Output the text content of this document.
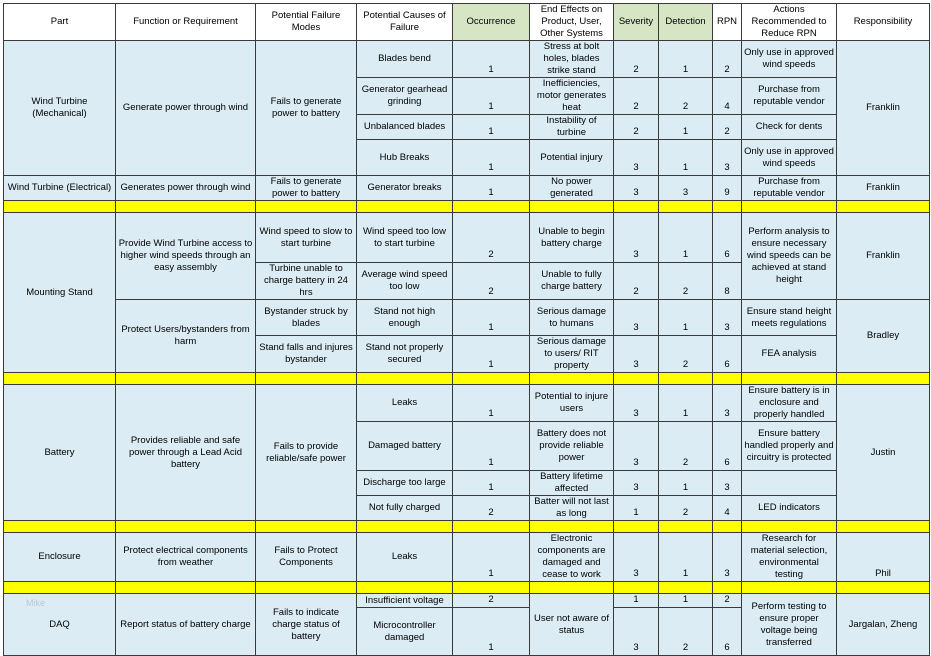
Part	Function or Requirement	Potential Failure Modes	Potential Causes of Failure	Occurrence	End Effects on Product, User, Other Systems	Severity	Detection	RPN	Actions Recommended to Reduce RPN	Responsibility
Wind Turbine (Mechanical)	Generate power through wind	Fails to generate power to battery	Blades bend	1	Stress at bolt holes, blades strike stand	2	1	2	Only use in approved wind speeds	Franklin
			Generator gearhead grinding	1	Inefficiencies, motor generates heat	2	2	4	Purchase from reputable vendor	
			Unbalanced blades	1	Instability of turbine	2	1	2	Check for dents	
			Hub Breaks	1	Potential injury	3	1	3	Only use in approved wind speeds	
Wind Turbine (Electrical)	Generates power through wind	Fails to generate power to battery	Generator breaks	1	No power generated	3	3	9	Purchase from reputable vendor	Franklin

Mounting Stand	Provide Wind Turbine access to higher wind speeds through an easy assembly	Wind speed to slow to start turbine	Wind speed too low to start turbine	2	Unable to begin battery charge	3	1	6	Perform analysis to ensure necessary wind speeds can be achieved at stand height	Franklin
		Turbine unable to charge battery in 24 hrs	Average wind speed too low	2	Unable to fully charge battery	2	2	8		
	Protect Users/bystanders from harm	Bystander struck by blades	Stand not high enough	1	Serious damage to humans	3	1	3	Ensure stand height meets regulations	Bradley
		Stand falls and injures bystander	Stand not properly secured	1	Serious damage to users/ RIT property	3	2	6	FEA analysis	

Battery	Provides reliable and safe power through a Lead Acid battery	Fails to provide reliable/safe power	Leaks	1	Potential to injure users	3	1	3	Ensure battery is in enclosure and properly handled	Justin
			Damaged battery	1	Battery does not provide reliable power	3	2	6	Ensure battery handled properly and circuitry is protected	
			Discharge too large	1	Battery lifetime affected	3	1	3		
			Not fully charged	2	Batter will not last as long	1	2	4	LED indicators	

Enclosure	Protect electrical components from weather	Fails to Protect Components	Leaks	1	Electronic components are damaged and cease to work	3	1	3	Research for material selection, environmental testing	Phil

DAQ	Report status of battery charge	Fails to indicate charge status of battery	Insufficient voltage	2	User not aware of status	1	1	2	Perform testing to ensure proper voltage being transferred	Jargalan, Zheng
			Microcontroller damaged	1		3	2	6		
Mike
